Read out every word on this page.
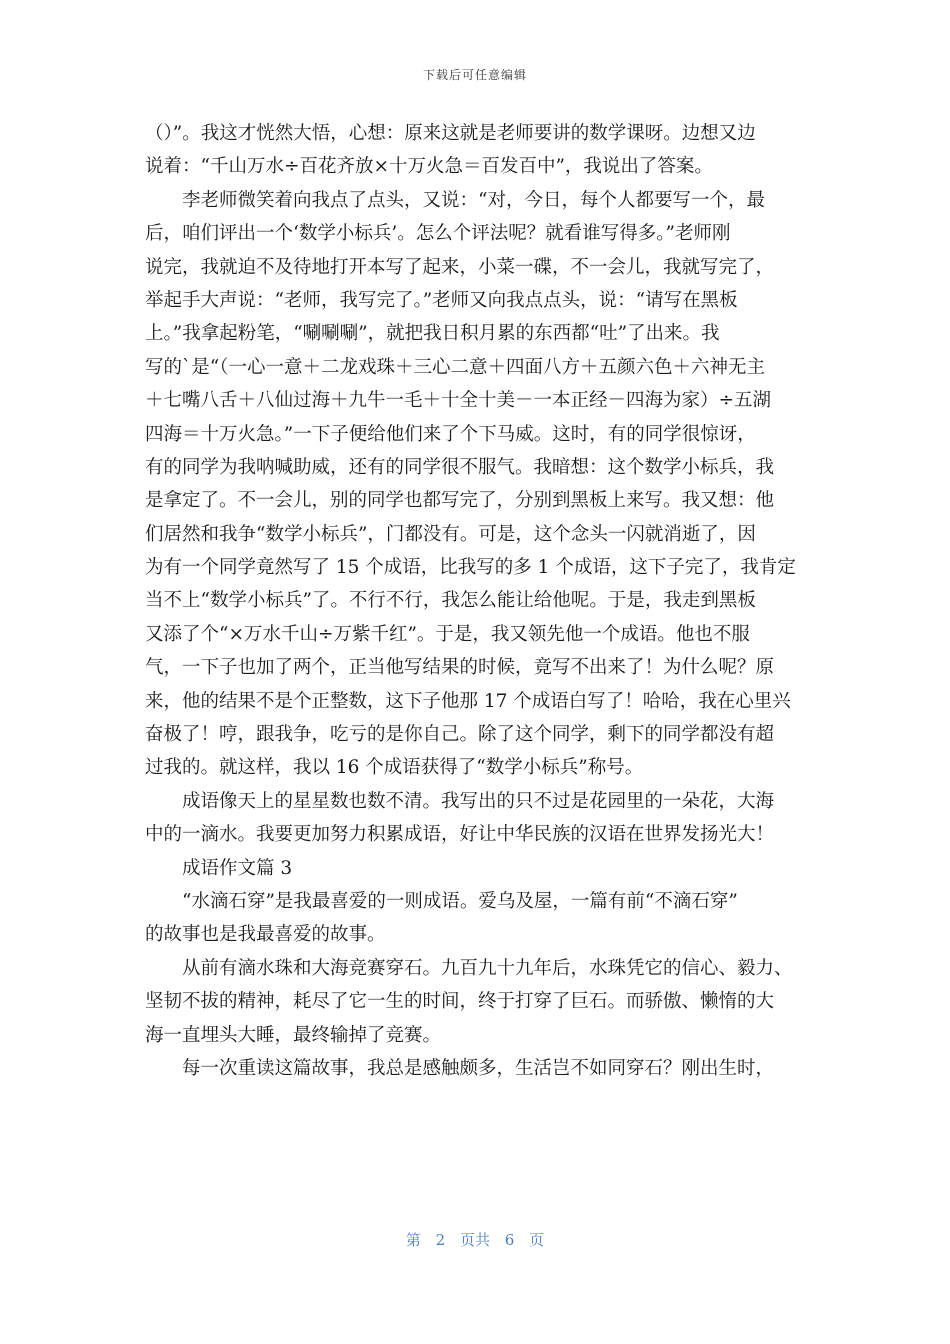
下载后可任意编辑
（）”。我这才恍然大悟，心想：原来这就是老师要讲的数学课呀。边想又边
说着：“千山万水÷百花齐放×十万火急＝百发百中”，我说出了答案。
李老师微笑着向我点了点头，又说：“对，今日，每个人都要写一个，最
后，咱们评出一个‘数学小标兵’。怎么个评法呢？就看谁写得多。”老师刚
说完，我就迫不及待地打开本写了起来，小菜一碟，不一会儿，我就写完了，
举起手大声说：“老师，我写完了。”老师又向我点点头，说：“请写在黑板
上。”我拿起粉笔，“唰唰唰”，就把我日积月累的东西都“吐”了出来。我
写的`是“（一心一意＋二龙戏珠＋三心二意＋四面八方＋五颜六色＋六神无主
＋七嘴八舌＋八仙过海＋九牛一毛＋十全十美－一本正经－四海为家）÷五湖
四海＝十万火急。”一下子便给他们来了个下马威。这时，有的同学很惊讶，
有的同学为我呐喊助威，还有的同学很不服气。我暗想：这个数学小标兵，我
是拿定了。不一会儿，别的同学也都写完了，分别到黑板上来写。我又想：他
们居然和我争“数学小标兵”，门都没有。可是，这个念头一闪就消逝了，因
为有一个同学竟然写了 15 个成语，比我写的多 1 个成语，这下子完了，我肯定
当不上“数学小标兵”了。不行不行，我怎么能让给他呢。于是，我走到黑板
又添了个“×万水千山÷万紫千红”。于是，我又领先他一个成语。他也不服
气，一下子也加了两个，正当他写结果的时候，竟写不出来了！为什么呢？原
来，他的结果不是个正整数，这下子他那 17 个成语白写了！哈哈，我在心里兴
奋极了！哼，跟我争，吃亏的是你自己。除了这个同学，剩下的同学都没有超
过我的。就这样，我以 16 个成语获得了“数学小标兵”称号。
成语像天上的星星数也数不清。我写出的只不过是花园里的一朵花，大海
中的一滴水。我要更加努力积累成语，好让中华民族的汉语在世界发扬光大！
成语作文篇 3
“水滴石穿”是我最喜爱的一则成语。爱乌及屋，一篇有前“不滴石穿”
的故事也是我最喜爱的故事。
从前有滴水珠和大海竞赛穿石。九百九十九年后，水珠凭它的信心、毅力、
坚韧不拔的精神，耗尽了它一生的时间，终于打穿了巨石。而骄傲、懒惰的大
海一直埋头大睡，最终输掉了竞赛。
每一次重读这篇故事，我总是感触颇多，生活岂不如同穿石？刚出生时，
第 2 页共 6 页
